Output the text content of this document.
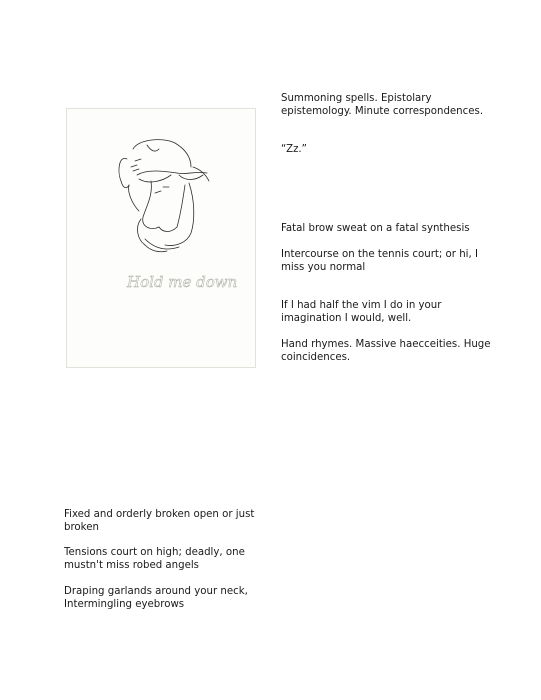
Hold me down

Summoning spells. Epistolary epistemology. Minute correspondences.

“Zz.”

Fatal brow sweat on a fatal synthesis

Intercourse on the tennis court; or hi, I miss you normal

If I had half the vim I do in your imagination I would, well.

Hand rhymes. Massive haecceities. Huge coincidences.

Fixed and orderly broken open or just broken

Tensions court on high; deadly, one mustn't miss robed angels

Draping garlands around your neck, Intermingling eyebrows
